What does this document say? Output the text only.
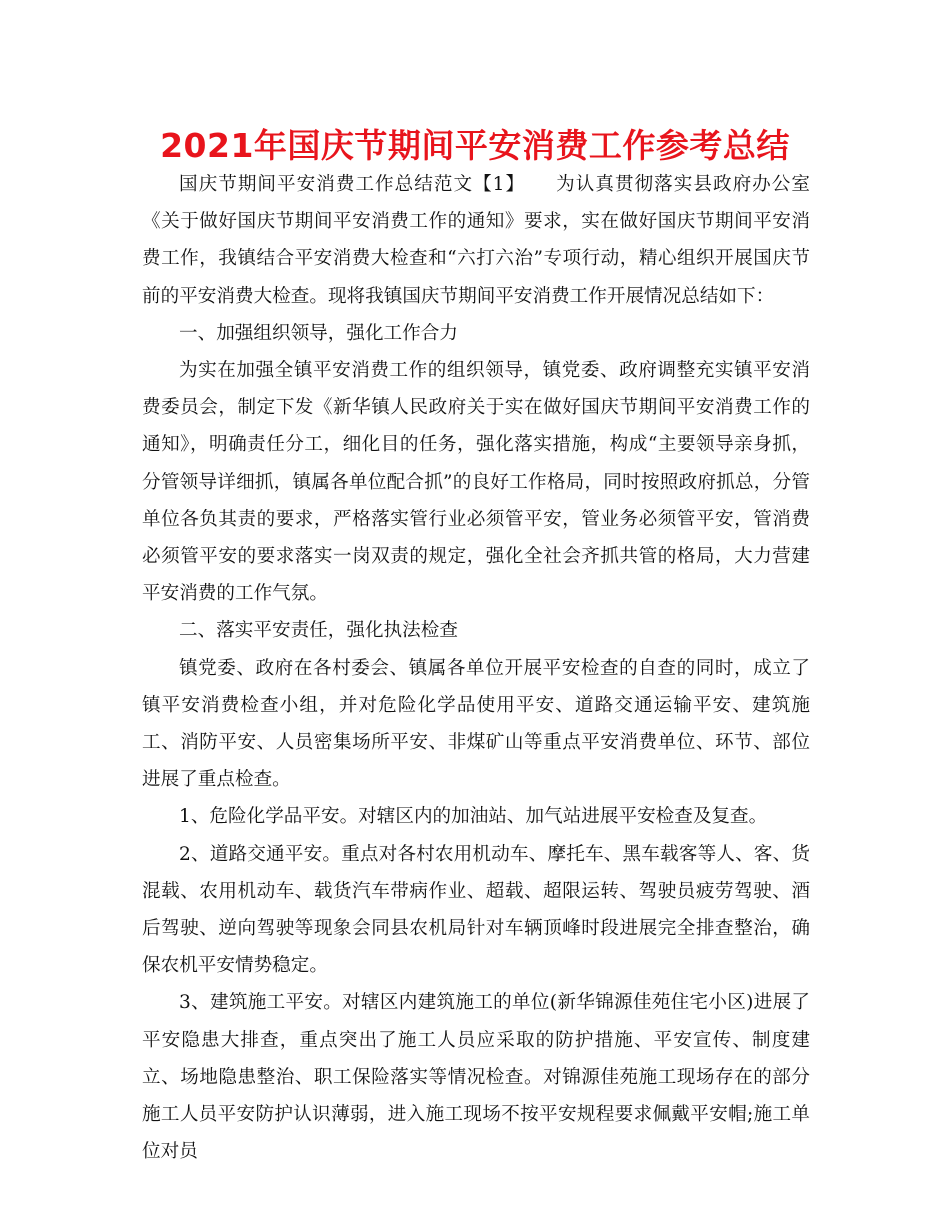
2021年国庆节期间平安消费工作参考总结

国庆节期间平安消费工作总结范文【1】 为认真贯彻落实县政府办公室《关于做好国庆节期间平安消费工作的通知》要求，实在做好国庆节期间平安消费工作，我镇结合平安消费大检查和“六打六治”专项行动，精心组织开展国庆节前的平安消费大检查。现将我镇国庆节期间平安消费工作开展情况总结如下：

一、加强组织领导，强化工作合力

为实在加强全镇平安消费工作的组织领导，镇党委、政府调整充实镇平安消费委员会，制定下发《新华镇人民政府关于实在做好国庆节期间平安消费工作的通知》，明确责任分工，细化目的任务，强化落实措施，构成“主要领导亲身抓，分管领导详细抓，镇属各单位配合抓”的良好工作格局，同时按照政府抓总，分管单位各负其责的要求，严格落实管行业必须管平安，管业务必须管平安，管消费必须管平安的要求落实一岗双责的规定，强化全社会齐抓共管的格局，大力营建平安消费的工作气氛。

二、落实平安责任，强化执法检查

镇党委、政府在各村委会、镇属各单位开展平安检查的自查的同时，成立了镇平安消费检查小组，并对危险化学品使用平安、道路交通运输平安、建筑施工、消防平安、人员密集场所平安、非煤矿山等重点平安消费单位、环节、部位进展了重点检查。

1、危险化学品平安。对辖区内的加油站、加气站进展平安检查及复查。

2、道路交通平安。重点对各村农用机动车、摩托车、黑车载客等人、客、货混载、农用机动车、载货汽车带病作业、超载、超限运转、驾驶员疲劳驾驶、酒后驾驶、逆向驾驶等现象会同县农机局针对车辆顶峰时段进展完全排查整治，确保农机平安情势稳定。

3、建筑施工平安。对辖区内建筑施工的单位(新华锦源佳苑住宅小区)进展了平安隐患大排查，重点突出了施工人员应采取的防护措施、平安宣传、制度建立、场地隐患整治、职工保险落实等情况检查。对锦源佳苑施工现场存在的部分施工人员平安防护认识薄弱，进入施工现场不按平安规程要求佩戴平安帽;施工单位对员
